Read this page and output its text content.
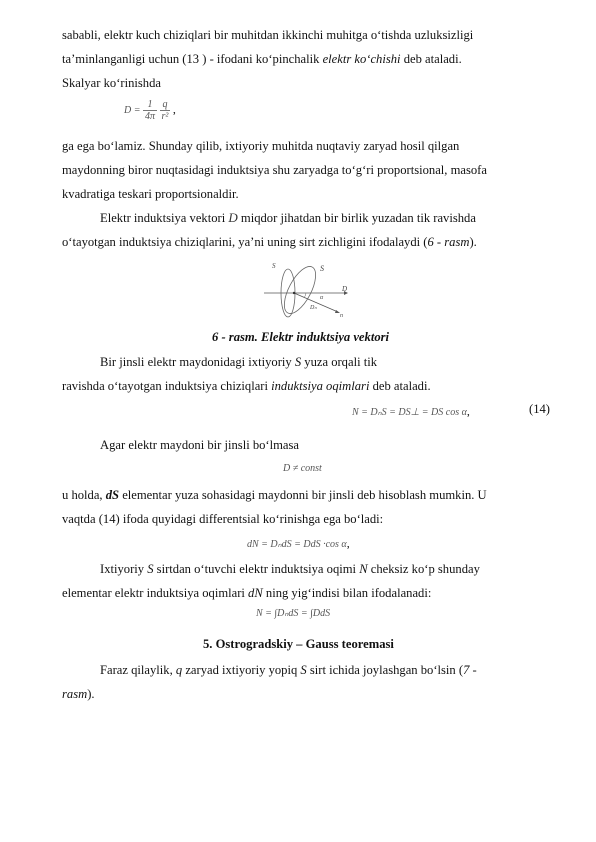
sababli, elektr kuch chiziqlari bir muhitdan ikkinchi muhitga o‘tishda uzluksizligi
ta’minlanganligi uchun (13 ) - ifodani ko‘pinchalik elektr ko‘chishi deb ataladi.
Skalyar ko‘rinishda
$D = \frac{1}{4\pi}$
$\frac{q}{\text{r²}}$ ,
ga ega bo‘lamiz. Shunday qilib, ixtiyoriy muhitda nuqtaviy zaryad hosil qilgan
maydonning biror nuqtasidagi induktsiya shu zaryadga to‘g‘ri proportsional, masofa
kvadratiga teskari proportsionaldir.
Elektr induktsiya vektori D miqdor jihatdan bir birlik yuzadan tik ravishda
o‘tayotgan induktsiya chiziqlarini, ya’ni uning sirt zichligini ifodalaydi (6 - rasm).
S	S
D
α
Dₙ
n
6 - rasm. Elektr induktsiya vektori
Bir jinsli elektr maydonidagi ixtiyoriy S yuza orqali tik
ravishda o‘tayotgan induktsiya chiziqlari induktsiya oqimlari deb ataladi.
N = DₙS = DS⊥ = DS cos α,	(14)
Agar elektr maydoni bir jinsli bo‘lmasa
D ≠ const
u holda, dS elementar yuza sohasidagi maydonni bir jinsli deb hisoblash mumkin. U
vaqtda (14) ifoda quyidagi differentsial ko‘rinishga ega bo‘ladi:
dN = DₙdS = DdS ·cos α,
Ixtiyoriy S sirtdan o‘tuvchi elektr induktsiya oqimi N cheksiz ko‘p shunday
elementar elektr induktsiya oqimlari dN ning yig‘indisi bilan ifodalanadi:
N = ∫DₙdS = ∫DdS
5. Ostrogradskiy – Gauss teoremasi
Faraz qilaylik, q zaryad ixtiyoriy yopiq S sirt ichida joylashgan bo‘lsin (7 -
rasm).
